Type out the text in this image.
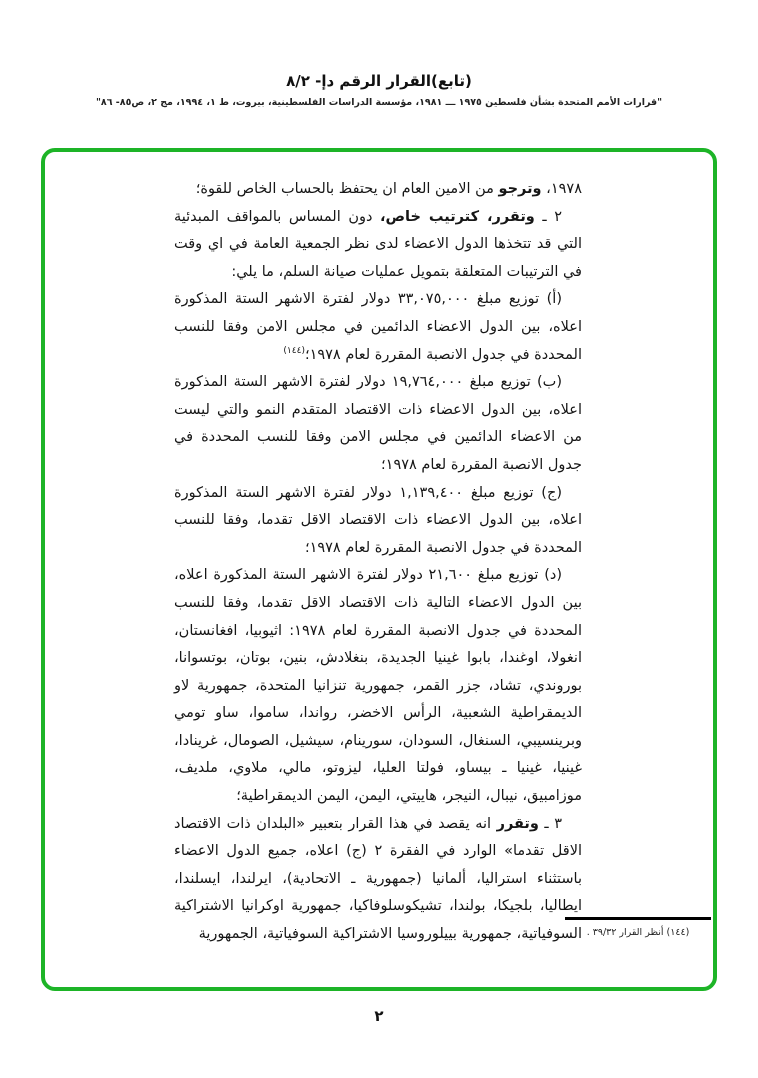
(تابع)القرار الرقم دإ- ٨/٢
"قرارات الأمم المتحدة بشأن فلسطين ١٩٧٥ ـــ ١٩٨١، مؤسسة الدراسات الفلسطينية، بيروت، ط ١، ١٩٩٤، مج ٢، ص٨٥- ٨٦"

١٩٧٨، وترجو من الامين العام ان يحتفظ بالحساب الخاص للقوة؛

٢ ـ وتقرر، كترتيب خاص، دون المساس بالمواقف المبدئية التي قد تتخذها الدول الاعضاء لدى نظر الجمعية العامة في اي وقت في الترتيبات المتعلقة بتمويل عمليات صيانة السلم، ما يلي:

(أ) توزيع مبلغ ٣٣,٠٧٥,٠٠٠ دولار لفترة الاشهر الستة المذكورة اعلاه، بين الدول الاعضاء الدائمين في مجلس الامن وفقا للنسب المحددة في جدول الانصبة المقررة لعام ١٩٧٨؛$^{(١٤٤)}$

(ب) توزيع مبلغ ١٩,٧٦٤,٠٠٠ دولار لفترة الاشهر الستة المذكورة اعلاه، بين الدول الاعضاء ذات الاقتصاد المتقدم النمو والتي ليست من الاعضاء الدائمين في مجلس الامن وفقا للنسب المحددة في جدول الانصبة المقررة لعام ١٩٧٨؛

(ج) توزيع مبلغ ١,١٣٩,٤٠٠ دولار لفترة الاشهر الستة المذكورة اعلاه، بين الدول الاعضاء ذات الاقتصاد الاقل تقدما، وفقا للنسب المحددة في جدول الانصبة المقررة لعام ١٩٧٨؛

(د) توزيع مبلغ ٢١,٦٠٠ دولار لفترة الاشهر الستة المذكورة اعلاه، بين الدول الاعضاء التالية ذات الاقتصاد الاقل تقدما، وفقا للنسب المحددة في جدول الانصبة المقررة لعام ١٩٧٨: اثيوبيا، افغانستان، انغولا، اوغندا، بابوا غينيا الجديدة، بنغلادش، بنين، بوتان، بوتسوانا، بوروندي، تشاد، جزر القمر، جمهورية تنزانيا المتحدة، جمهورية لاو الديمقراطية الشعبية، الرأس الاخضر، رواندا، ساموا، ساو تومي وبرينسيبي، السنغال، السودان، سورينام، سيشيل، الصومال، غرينادا، غينيا، غينيا ـ بيساو، فولتا العليا، ليزوتو، مالي، ملاوي، ملديف، موزامبيق، نيبال، النيجر، هاييتي، اليمن، اليمن الديمقراطية؛

٣ ـ وتقرر انه يقصد في هذا القرار بتعبير «البلدان ذات الاقتصاد الاقل تقدما» الوارد في الفقرة ٢ (ج) اعلاه، جميع الدول الاعضاء باستثناء استراليا، ألمانيا (جمهورية ـ الاتحادية)، ايرلندا، ايسلندا، ايطاليا، بلجيكا، بولندا، تشيكوسلوفاكيا، جمهورية اوكرانيا الاشتراكية السوفياتية، جمهورية بييلوروسيا الاشتراكية السوفياتية، الجمهورية (١٤٤) أنظر القرار ٣٩/٣٢ .
٢
